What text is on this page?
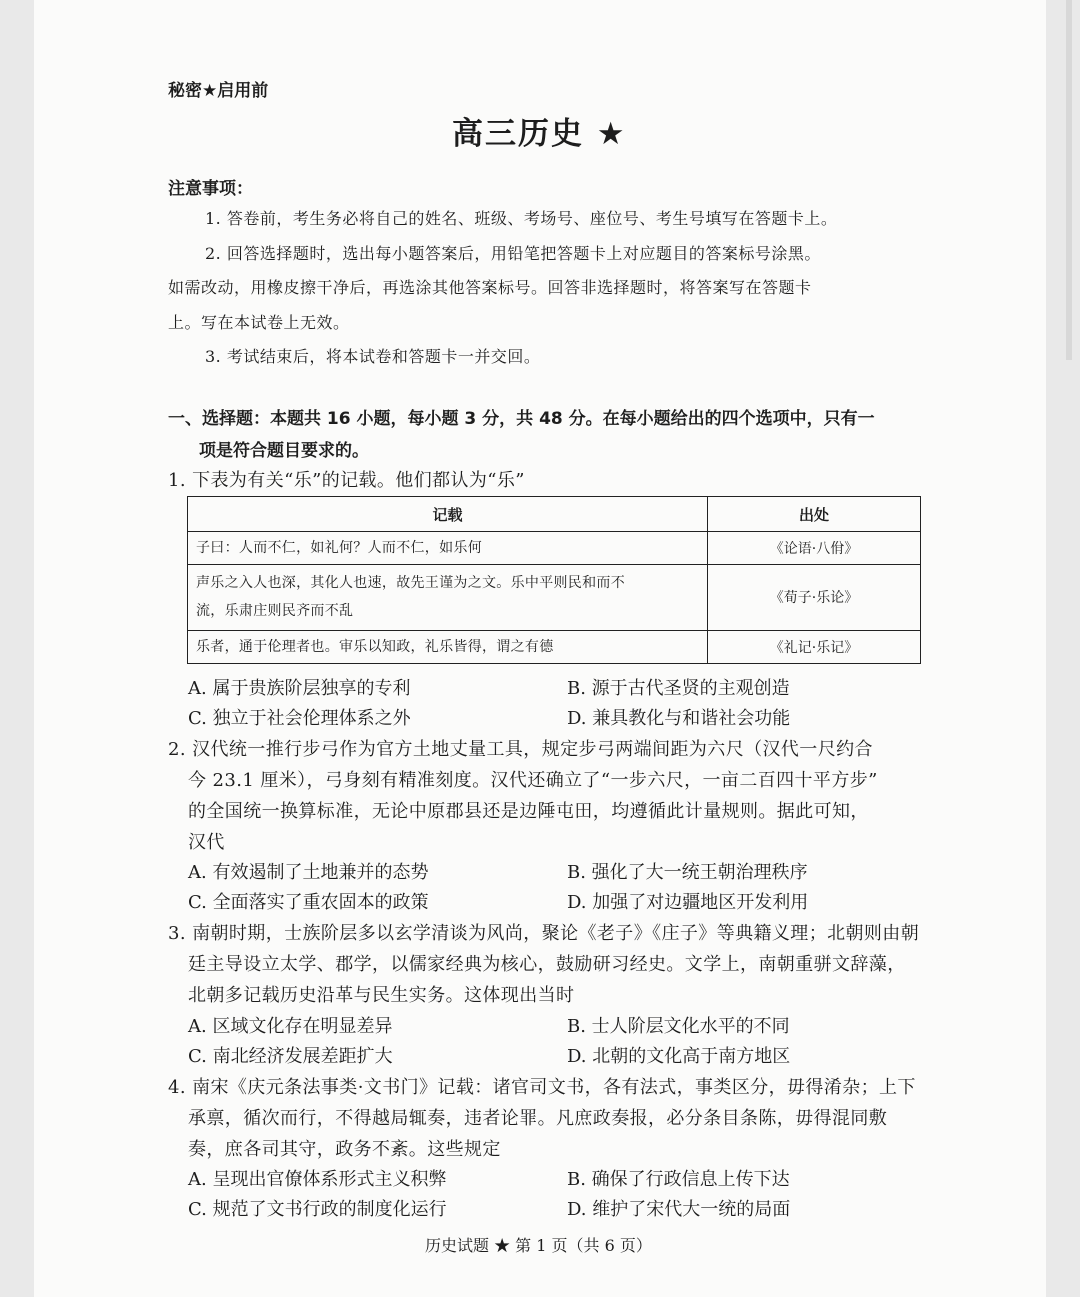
秘密★启用前
高三历史 ★
注意事项：
1. 答卷前，考生务必将自己的姓名、班级、考场号、座位号、考生号填写在答题卡上。
2. 回答选择题时，选出每小题答案后，用铅笔把答题卡上对应题目的答案标号涂黑。
如需改动，用橡皮擦干净后，再选涂其他答案标号。回答非选择题时，将答案写在答题卡
上。写在本试卷上无效。
3. 考试结束后，将本试卷和答题卡一并交回。
一、选择题：本题共 16 小题，每小题 3 分，共 48 分。在每小题给出的四个选项中，只有一
项是符合题目要求的。
1. 下表为有关“乐”的记载。他们都认为“乐”
记载	出处
子曰：人而不仁，如礼何？人而不仁，如乐何	《论语·八佾》

声乐之入人也深，其化人也速，故先王谨为之文。乐中平则民和而不
流，乐肃庄则民齐而不乱	《荀子·乐论》
乐者，通于伦理者也。审乐以知政，礼乐皆得，谓之有德	《礼记·乐记》
A. 属于贵族阶层独享的专利	B. 源于古代圣贤的主观创造
C. 独立于社会伦理体系之外	D. 兼具教化与和谐社会功能
2. 汉代统一推行步弓作为官方土地丈量工具，规定步弓两端间距为六尺（汉代一尺约合
今 23.1 厘米），弓身刻有精准刻度。汉代还确立了“一步六尺，一亩二百四十平方步”
的全国统一换算标准，无论中原郡县还是边陲屯田，均遵循此计量规则。据此可知，
汉代
A. 有效遏制了土地兼并的态势	B. 强化了大一统王朝治理秩序
C. 全面落实了重农固本的政策	D. 加强了对边疆地区开发利用
3. 南朝时期，士族阶层多以玄学清谈为风尚，聚论《老子》《庄子》等典籍义理；北朝则由朝
廷主导设立太学、郡学，以儒家经典为核心，鼓励研习经史。文学上，南朝重骈文辞藻，
北朝多记载历史沿革与民生实务。这体现出当时
A. 区域文化存在明显差异	B. 士人阶层文化水平的不同
C. 南北经济发展差距扩大	D. 北朝的文化高于南方地区
4. 南宋《庆元条法事类·文书门》记载：诸官司文书，各有法式，事类区分，毋得淆杂；上下
承禀，循次而行，不得越局辄奏，违者论罪。凡庶政奏报，必分条目条陈，毋得混同敷
奏，庶各司其守，政务不紊。这些规定
A. 呈现出官僚体系形式主义积弊	B. 确保了行政信息上传下达
C. 规范了文书行政的制度化运行	D. 维护了宋代大一统的局面
历史试题 ★ 第 1 页（共 6 页）
